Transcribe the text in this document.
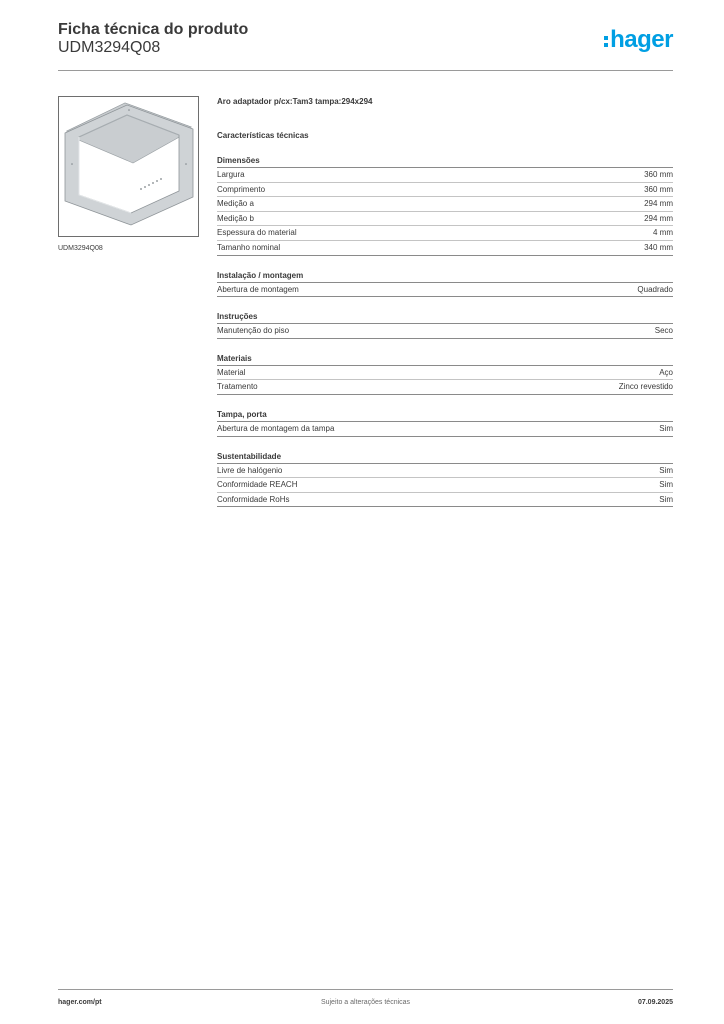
Ficha técnica do produto
UDM3294Q08	hager
UDM3294Q08
Aro adaptador p/cx:Tam3 tampa:294x294
Características técnicas
Dimensões
Largura	360 mm
Comprimento	360 mm
Medição a	294 mm
Medição b	294 mm
Espessura do material	4 mm
Tamanho nominal	340 mm
Instalação / montagem
Abertura de montagem	Quadrado
Instruções
Manutenção do piso	Seco
Materiais
Material	Aço
Tratamento	Zinco revestido
Tampa, porta
Abertura de montagem da tampa	Sim
Sustentabilidade
Livre de halógenio	Sim
Conformidade REACH	Sim
Conformidade RoHs	Sim
hager.com/pt	Sujeito a alterações técnicas	07.09.2025
